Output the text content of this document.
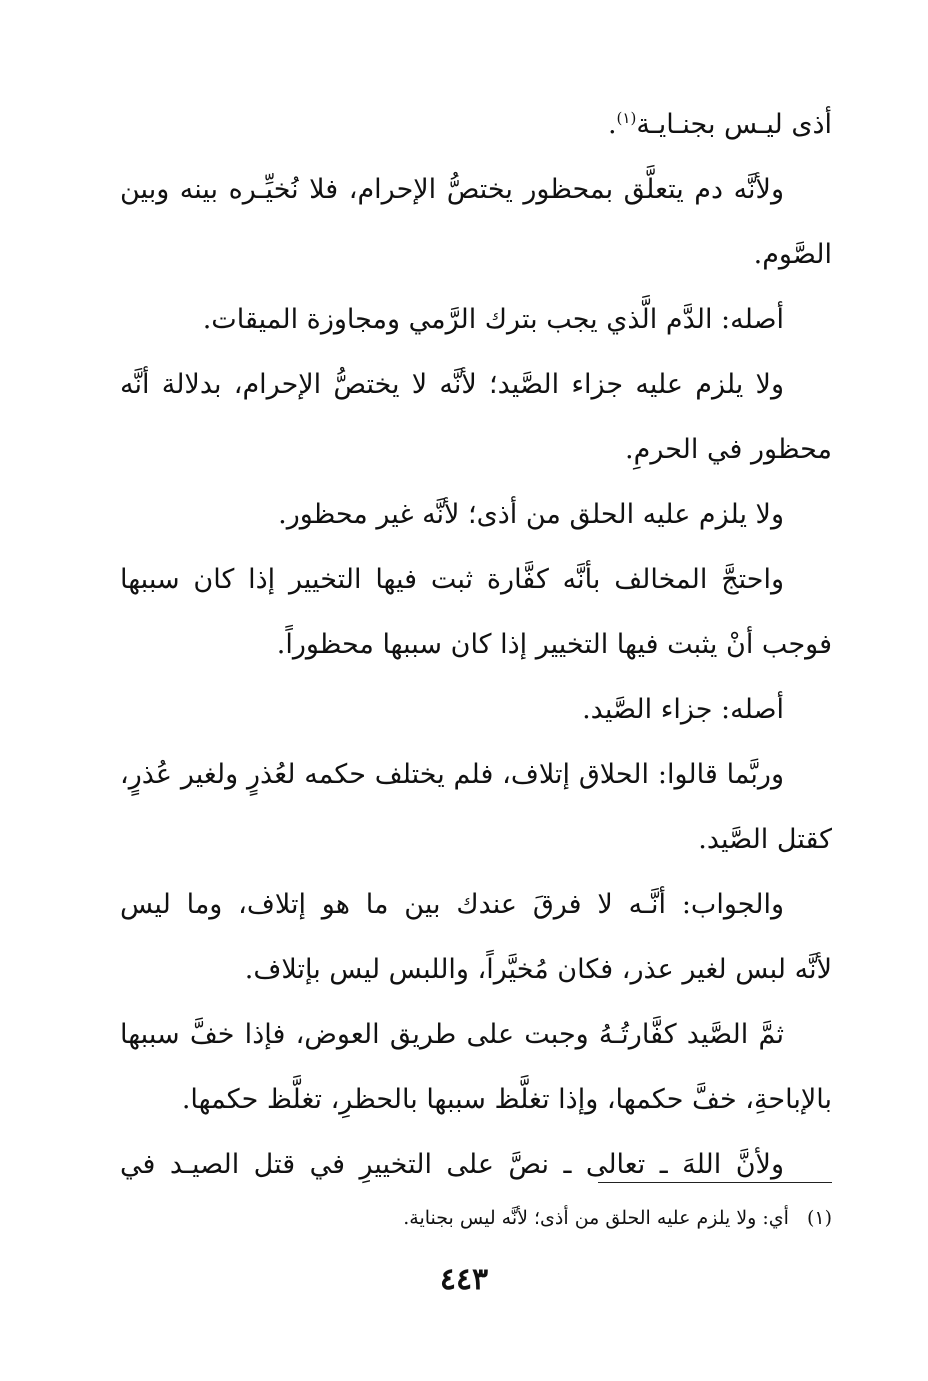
أذى ليـس بجنـايـة$^{(١)}$.
ولأنَّه دم يتعلَّق بمحظور يختصُّ الإحرام، فلا نُخيِّـره بينه وبين
الصَّوم.
أصله: الدَّم الَّذي يجب بترك الرَّمي ومجاوزة الميقات.
ولا يلزم عليه جزاء الصَّيد؛ لأنَّه لا يختصُّ الإحرام، بدلالة أنَّه
محظور في الحرمِ.
ولا يلزم عليه الحلق من أذى؛ لأنَّه غير محظور.
واحتجَّ المخالف بأنَّه كفَّارة ثبت فيها التخيير إذا كان سببها
فوجب أنْ يثبت فيها التخيير إذا كان سببها محظوراً.
أصله: جزاء الصَّيد.
وربَّما قالوا: الحلاق إتلاف، فلم يختلف حكمه لعُذرٍ ولغير عُذرٍ،
كقتل الصَّيد.
والجواب: أنَّـه لا فرقَ عندك بين ما هو إتلاف، وما ليس
لأنَّه لبس لغير عذر، فكان مُخيَّراً، واللبس ليس بإتلاف.
ثمَّ الصَّيد كفَّارتُـهُ وجبت على طريق العوض، فإذا خفَّ سببها
بالإباحةِ، خفَّ حكمها، وإذا تغلَّظ سببها بالحظرِ، تغلَّظ حكمها.
ولأنَّ اللهَ ـ تعالى ـ نصَّ على التخييرِ في قتل الصيـد في
(١)أي: ولا يلزم عليه الحلق من أذى؛ لأنَّه ليس بجناية.
٤٤٣
